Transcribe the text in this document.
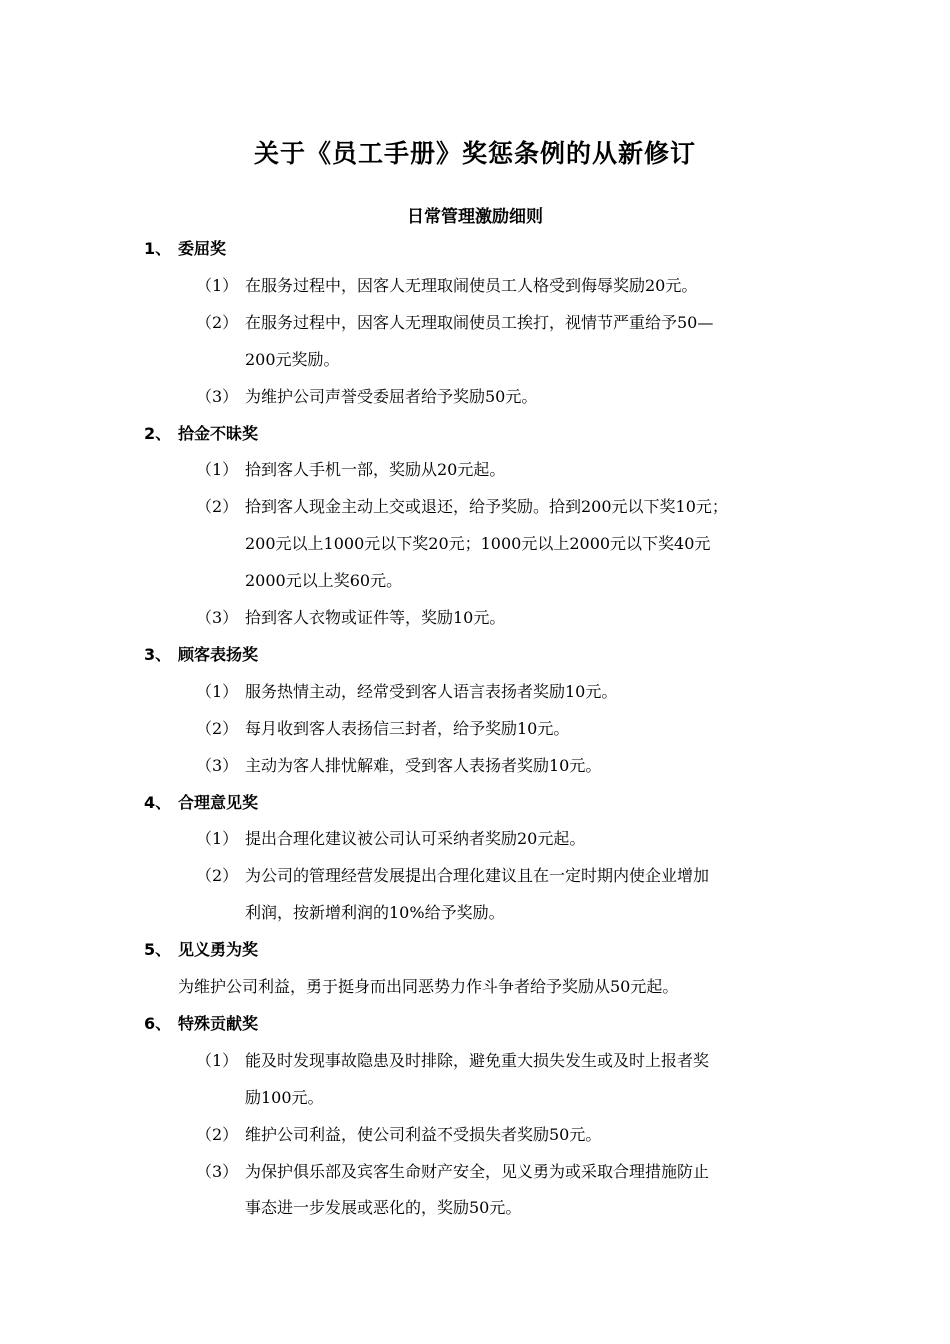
关于《员工手册》奖惩条例的从新修订
日常管理激励细则
1、 委屈奖
（1） 在服务过程中，因客人无理取闹使员工人格受到侮辱奖励20元。
（2） 在服务过程中，因客人无理取闹使员工挨打，视情节严重给予50—
200元奖励。
（3） 为维护公司声誉受委屈者给予奖励50元。
2、 拾金不昧奖
（1） 拾到客人手机一部，奖励从20元起。
（2） 拾到客人现金主动上交或退还，给予奖励。拾到200元以下奖10元；
200元以上1000元以下奖20元；1000元以上2000元以下奖40元
2000元以上奖60元。
（3） 拾到客人衣物或证件等，奖励10元。
3、 顾客表扬奖
（1） 服务热情主动，经常受到客人语言表扬者奖励10元。
（2） 每月收到客人表扬信三封者，给予奖励10元。
（3） 主动为客人排忧解难，受到客人表扬者奖励10元。
4、 合理意见奖
（1） 提出合理化建议被公司认可采纳者奖励20元起。
（2） 为公司的管理经营发展提出合理化建议且在一定时期内使企业增加
利润，按新增利润的10%给予奖励。
5、 见义勇为奖
为维护公司利益，勇于挺身而出同恶势力作斗争者给予奖励从50元起。
6、 特殊贡献奖
（1） 能及时发现事故隐患及时排除，避免重大损失发生或及时上报者奖
励100元。
（2） 维护公司利益，使公司利益不受损失者奖励50元。
（3） 为保护俱乐部及宾客生命财产安全，见义勇为或采取合理措施防止
事态进一步发展或恶化的，奖励50元。
